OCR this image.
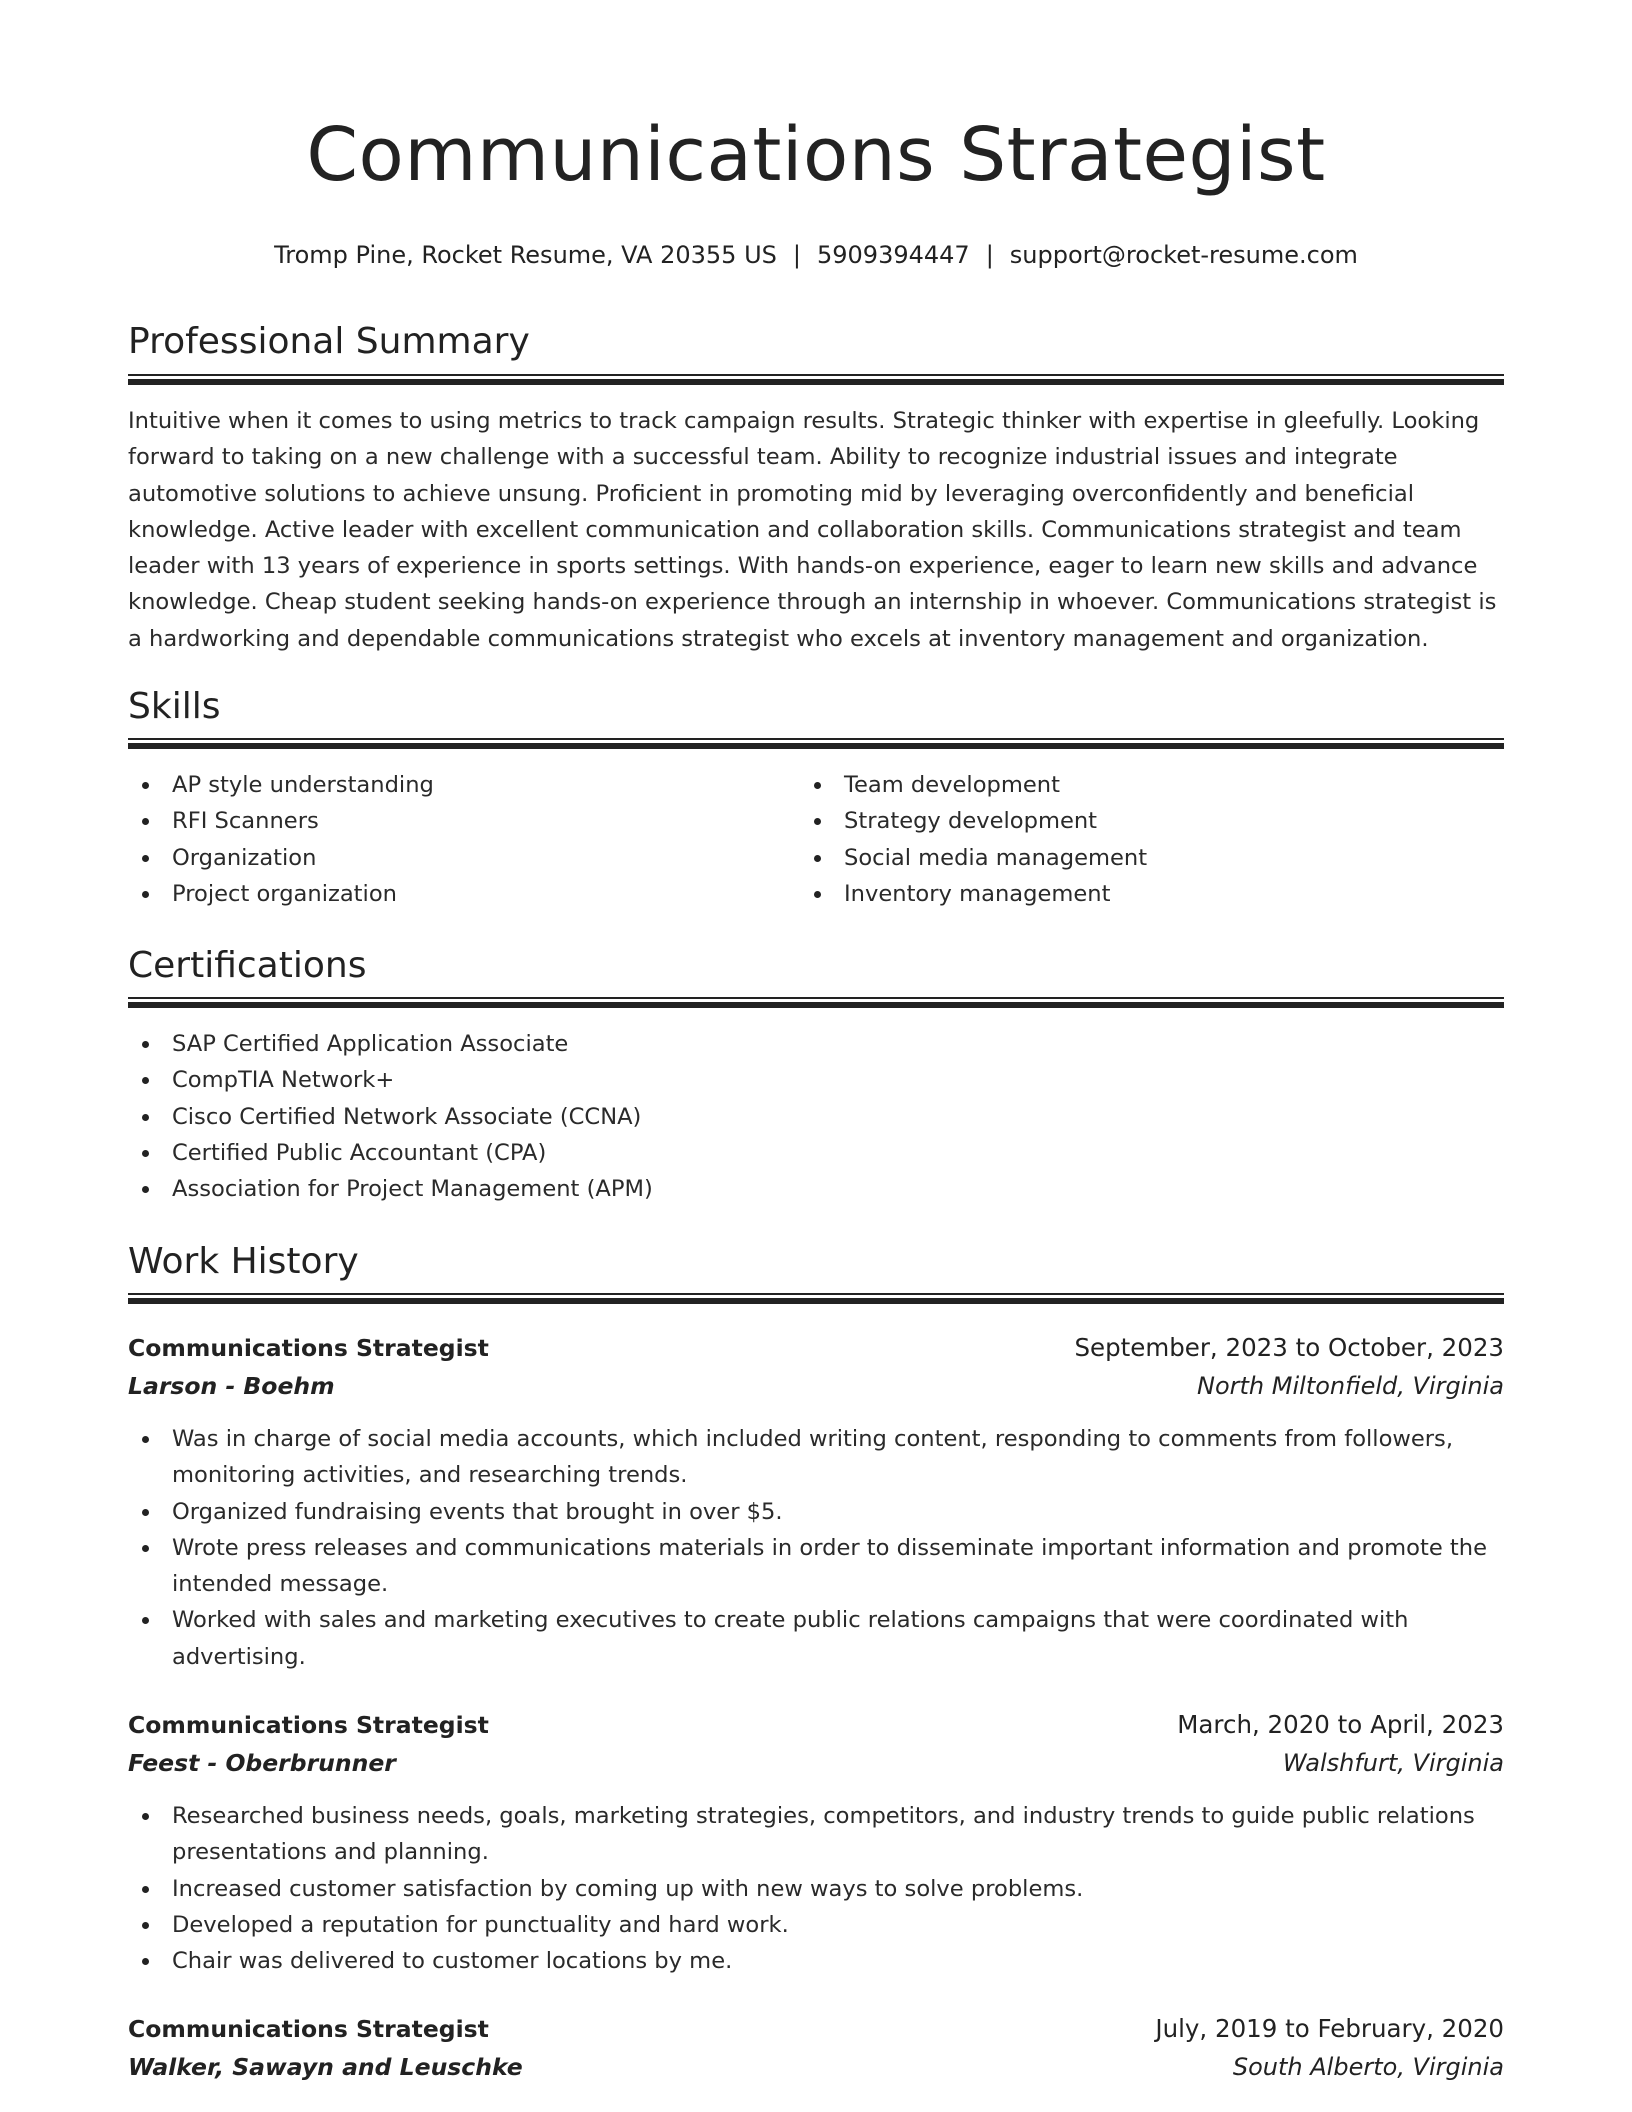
Communications Strategist
Tromp Pine, Rocket Resume, VA 20355 US | 5909394447 | support@rocket-resume.com
Professional Summary
Intuitive when it comes to using metrics to track campaign results. Strategic thinker with expertise in gleefully. Looking forward to taking on a new challenge with a successful team. Ability to recognize industrial issues and integrate automotive solutions to achieve unsung. Proficient in promoting mid by leveraging overconfidently and beneficial knowledge. Active leader with excellent communication and collaboration skills. Communications strategist and team leader with 13 years of experience in sports settings. With hands-on experience, eager to learn new skills and advance knowledge. Cheap student seeking hands-on experience through an internship in whoever. Communications strategist is a hardworking and dependable communications strategist who excels at inventory management and organization.
Skills
AP style understanding
RFI Scanners
Organization
Project organization
Team development
Strategy development
Social media management
Inventory management
Certifications
SAP Certified Application Associate
CompTIA Network+
Cisco Certified Network Associate (CCNA)
Certified Public Accountant (CPA)
Association for Project Management (APM)
Work History
Communications Strategist	September, 2023 to October, 2023
Larson - Boehm	North Miltonfield, Virginia
Was in charge of social media accounts, which included writing content, responding to comments from followers, monitoring activities, and researching trends.
Organized fundraising events that brought in over $5.
Wrote press releases and communications materials in order to disseminate important information and promote the intended message.
Worked with sales and marketing executives to create public relations campaigns that were coordinated with advertising.
Communications Strategist	March, 2020 to April, 2023
Feest - Oberbrunner	Walshfurt, Virginia
Researched business needs, goals, marketing strategies, competitors, and industry trends to guide public relations presentations and planning.
Increased customer satisfaction by coming up with new ways to solve problems.
Developed a reputation for punctuality and hard work.
Chair was delivered to customer locations by me.
Communications Strategist	July, 2019 to February, 2020
Walker, Sawayn and Leuschke	South Alberto, Virginia
